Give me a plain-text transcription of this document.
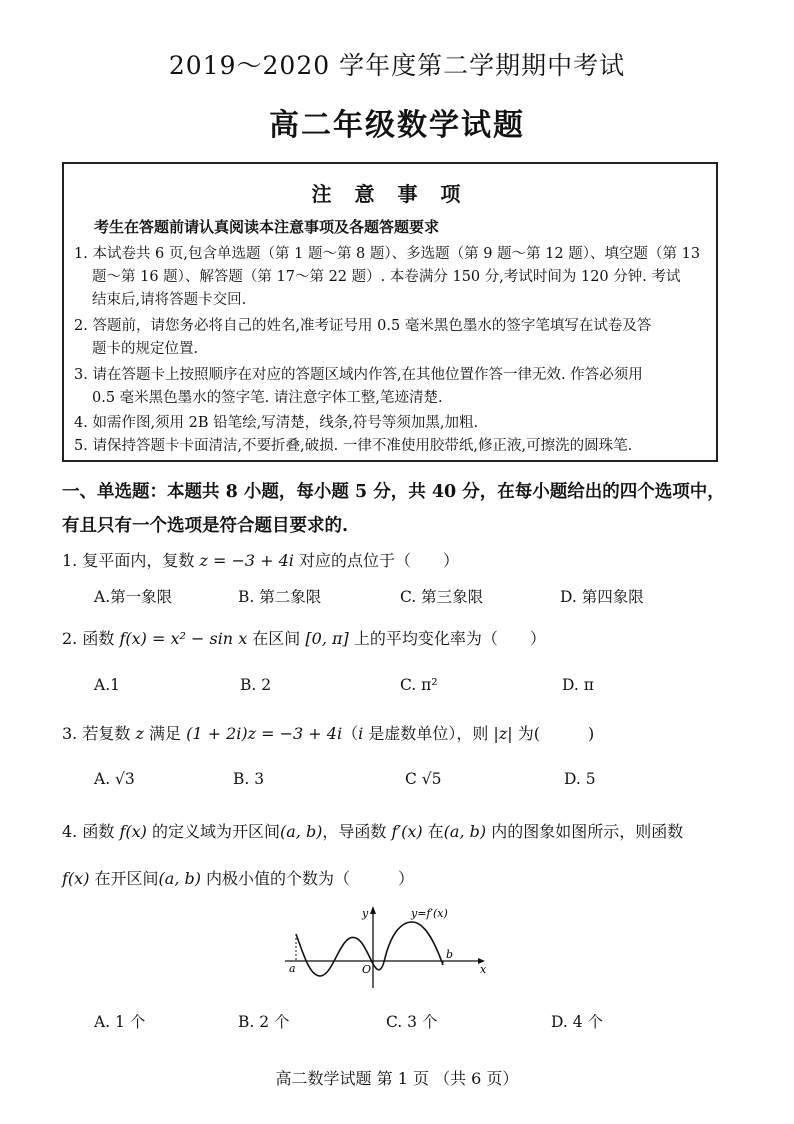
2019～2020 学年度第二学期期中考试
高二年级数学试题
注 意 事 项
考生在答题前请认真阅读本注意事项及各题答题要求
1. 本试卷共 6 页,包含单选题（第 1 题～第 8 题）、多选题（第 9 题～第 12 题）、填空题（第 13
题～第 16 题）、解答题（第 17～第 22 题）. 本卷满分 150 分,考试时间为 120 分钟. 考试
结束后,请将答题卡交回.
2. 答题前，请您务必将自己的姓名,准考证号用 0.5 毫米黑色墨水的签字笔填写在试卷及答
题卡的规定位置.
3. 请在答题卡上按照顺序在对应的答题区域内作答,在其他位置作答一律无效. 作答必须用
0.5 毫米黑色墨水的签字笔. 请注意字体工整,笔迹清楚.
4. 如需作图,须用 2B 铅笔绘,写清楚，线条,符号等须加黑,加粗.
5. 请保持答题卡卡面清洁,不要折叠,破损. 一律不准使用胶带纸,修正液,可擦洗的圆珠笔.
一、单选题：本题共 8 小题，每小题 5 分，共 40 分，在每小题给出的四个选项中，
有且只有一个选项是符合题目要求的.
1. 复平面内，复数 z = −3 + 4i 对应的点位于（　　）
A.第一象限	B. 第二象限	C. 第三象限	D. 第四象限
2. 函数 f(x) = x² − sin x 在区间 [0, π] 上的平均变化率为（　　）
A.1	B. 2	C. π²	D. π
3. 若复数 z 满足 (1 + 2i)z = −3 + 4i（i 是虚数单位），则 |z| 为(　　　)
A. √3	B. 3	C √5	D. 5
4. 函数 f(x) 的定义域为开区间(a, b)，导函数 f′(x) 在(a, b) 内的图象如图所示，则函数
f(x) 在开区间(a, b) 内极小值的个数为（　　　）
y
x
y=f′(x)
a	O
b
A. 1 个	B. 2 个	C. 3 个	D. 4 个
高二数学试题 第 1 页 （共 6 页）
